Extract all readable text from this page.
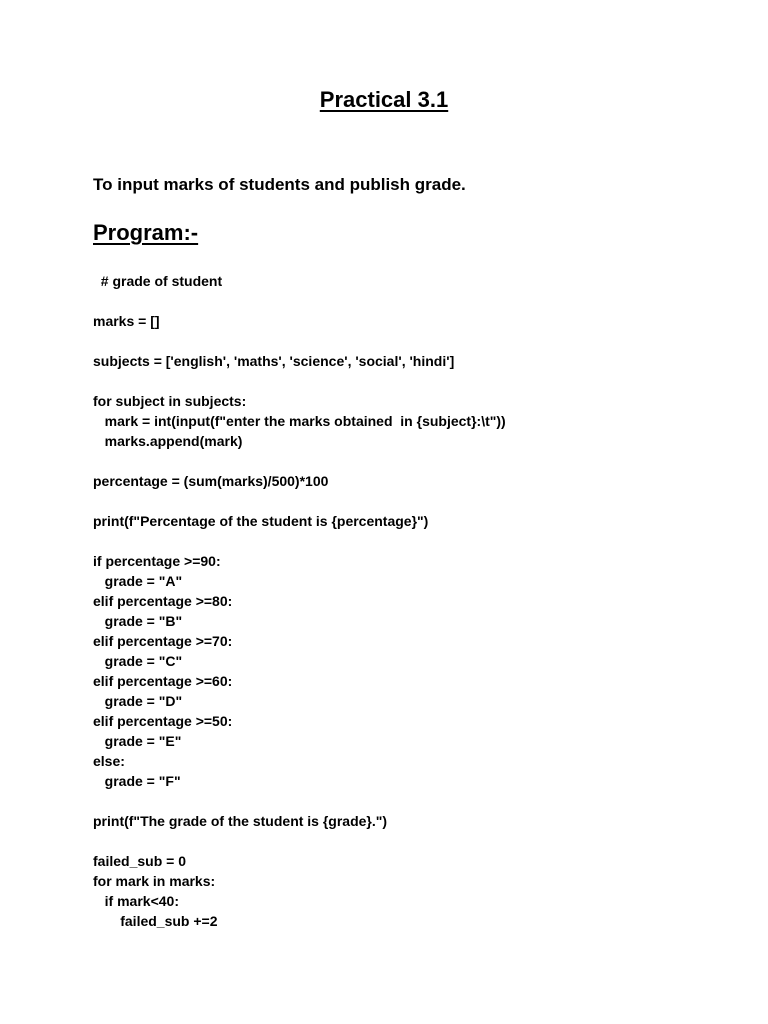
Practical 3.1
To input marks of students and publish grade.
Program:-
# grade of student
marks = []
subjects = ['english', 'maths', 'science', 'social', 'hindi']
for subject in subjects:
mark = int(input(f"enter the marks obtained  in {subject}:\t"))
marks.append(mark)
percentage = (sum(marks)/500)*100
print(f"Percentage of the student is {percentage}")
if percentage >=90:
grade = "A"
elif percentage >=80:
grade = "B"
elif percentage >=70:
grade = "C"
elif percentage >=60:
grade = "D"
elif percentage >=50:
grade = "E"
else:
grade = "F"
print(f"The grade of the student is {grade}.")
failed_sub = 0
for mark in marks:
if mark<40:
failed_sub +=2
